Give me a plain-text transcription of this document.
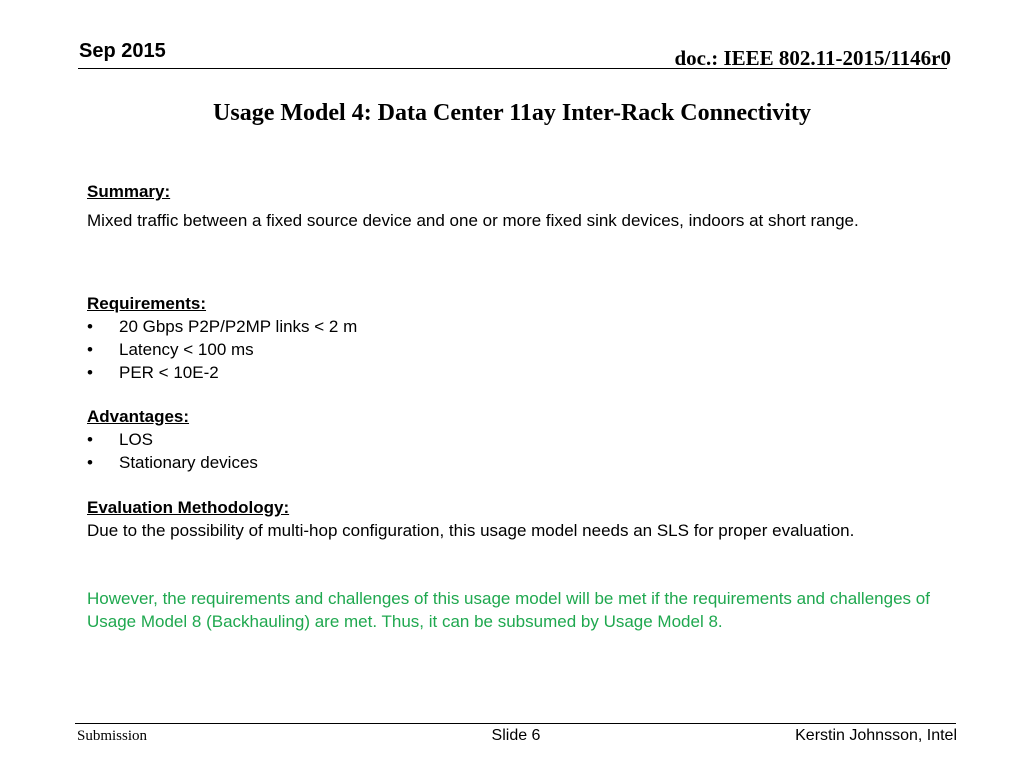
Sep 2015	doc.: IEEE 802.11-2015/1146r0
Usage Model 4: Data Center 11ay Inter-Rack Connectivity
Summary:
Mixed traffic between a fixed source device and one or more fixed sink devices, indoors at short range.
Requirements:
• 20 Gbps P2P/P2MP links < 2 m
• Latency < 100 ms
• PER < 10E-2
Advantages:
• LOS
• Stationary devices
Evaluation Methodology:
Due to the possibility of multi-hop configuration, this usage model needs an SLS for proper evaluation.
However, the requirements and challenges of this usage model will be met if the requirements and challenges of Usage Model 8 (Backhauling) are met. Thus, it can be subsumed by Usage Model 8.
Submission	Slide 6	Kerstin Johnsson, Intel
